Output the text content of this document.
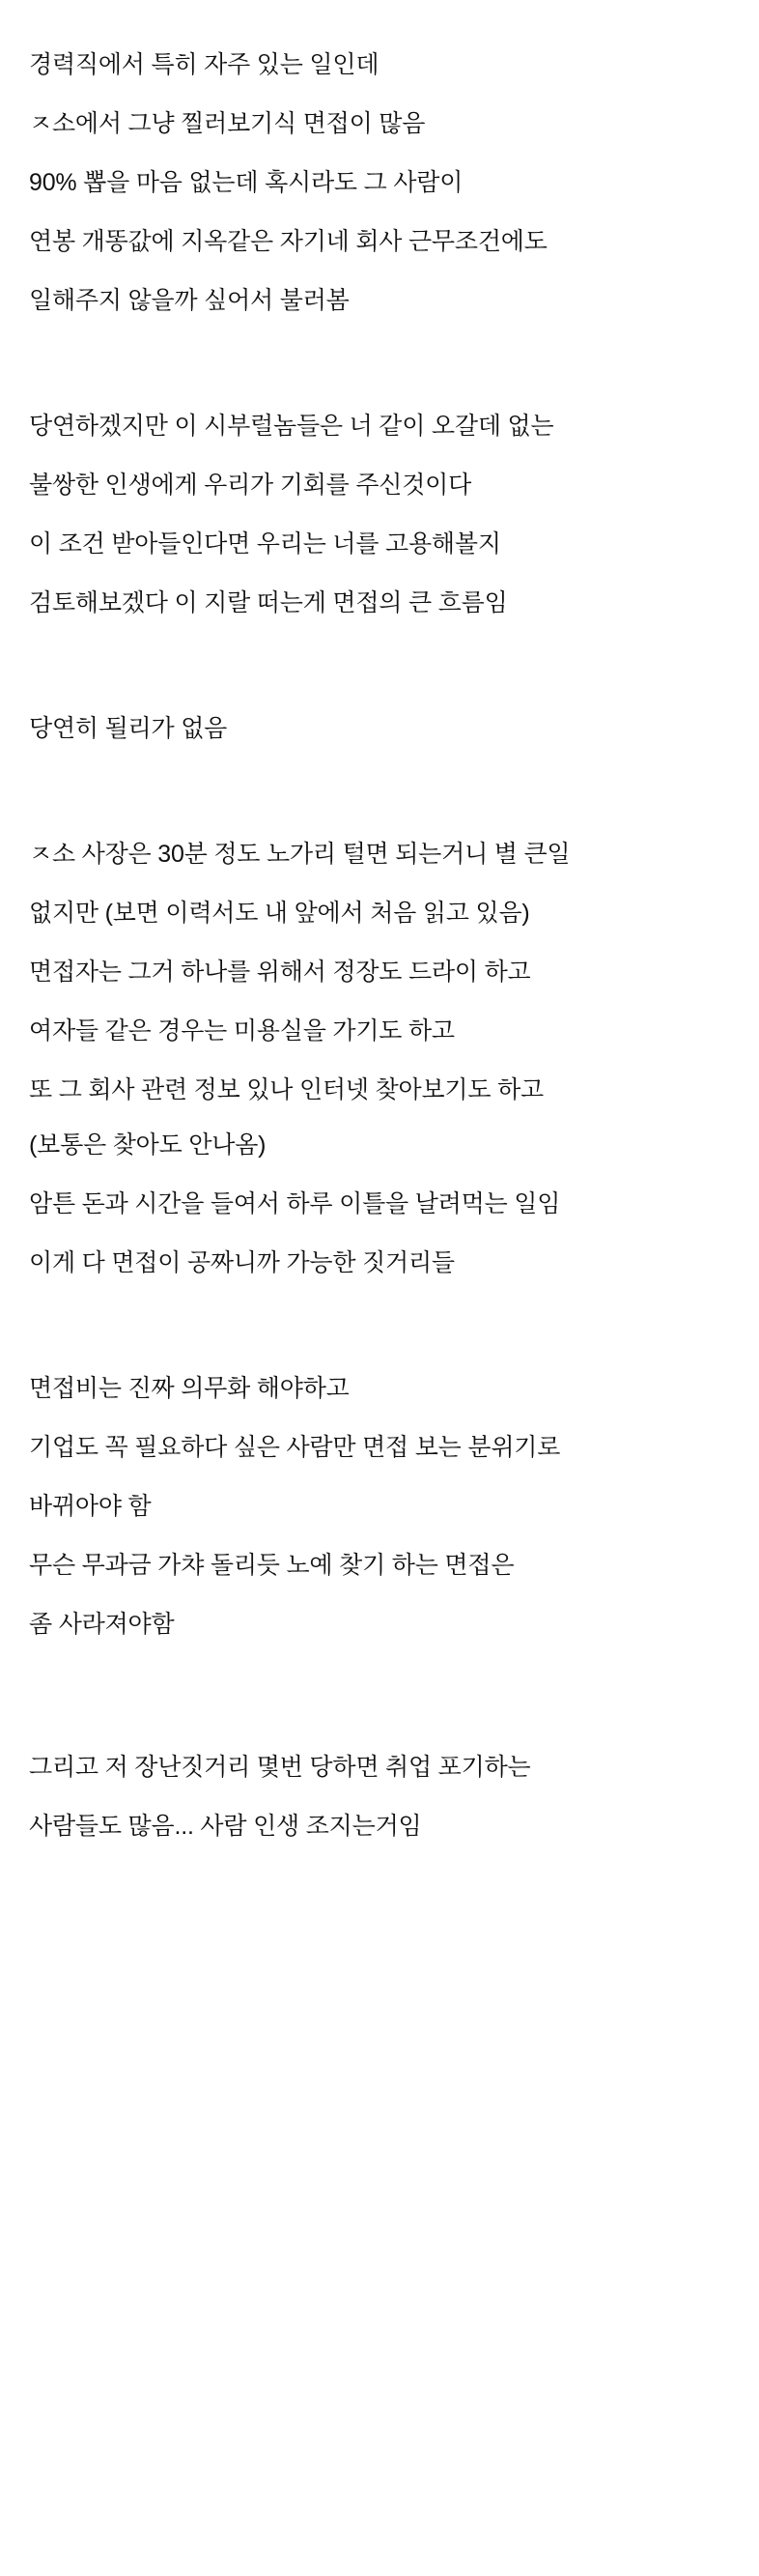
경력직에서 특히 자주 있는 일인데

ㅈ소에서 그냥 찔러보기식 면접이 많음

90% 뽑을 마음 없는데 혹시라도 그 사람이

연봉 개똥값에 지옥같은 자기네 회사 근무조건에도

일해주지 않을까 싶어서 불러봄

당연하겠지만 이 시부럴놈들은 너 같이 오갈데 없는

불쌍한 인생에게 우리가 기회를 주신것이다

이 조건 받아들인다면 우리는 너를 고용해볼지

검토해보겠다 이 지랄 떠는게 면접의 큰 흐름임

당연히 될리가 없음

ㅈ소 사장은 30분 정도 노가리 털면 되는거니 별 큰일

없지만 (보면 이력서도 내 앞에서 처음 읽고 있음)

면접자는 그거 하나를 위해서 정장도 드라이 하고

여자들 같은 경우는 미용실을 가기도 하고

또 그 회사 관련 정보 있나 인터넷 찾아보기도 하고

(보통은 찾아도 안나옴)

암튼 돈과 시간을 들여서 하루 이틀을 날려먹는 일임

이게 다 면접이 공짜니까 가능한 짓거리들

면접비는 진짜 의무화 해야하고

기업도 꼭 필요하다 싶은 사람만 면접 보는 분위기로

바뀌아야 함

무슨 무과금 가챠 돌리듯 노예 찾기 하는 면접은

좀 사라져야함

그리고 저 장난짓거리 몇번 당하면 취업 포기하는

사람들도 많음... 사람 인생 조지는거임
